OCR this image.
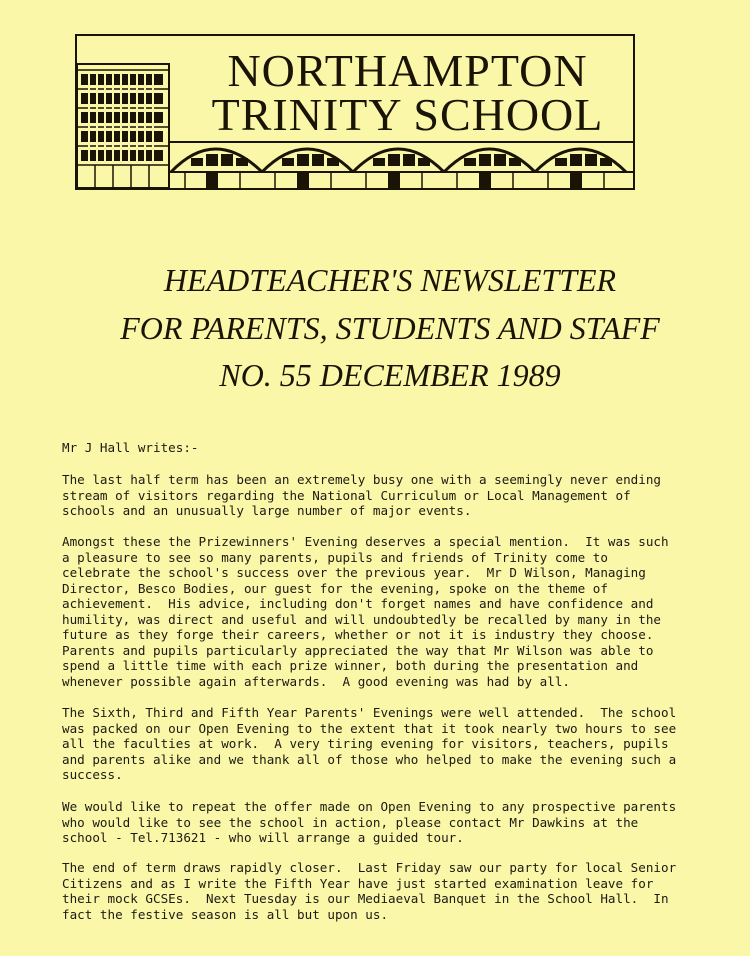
NORTHAMPTON
TRINITY SCHOOL
HEADTEACHER'S NEWSLETTER
FOR PARENTS, STUDENTS AND STAFF
NO. 55 DECEMBER 1989

Mr J Hall writes:-

The last half term has been an extremely busy one with a seemingly never ending
stream of visitors regarding the National Curriculum or Local Management of
schools and an unusually large number of major events.

Amongst these the Prizewinners' Evening deserves a special mention.  It was such
a pleasure to see so many parents, pupils and friends of Trinity come to
celebrate the school's success over the previous year.  Mr D Wilson, Managing
Director, Besco Bodies, our guest for the evening, spoke on the theme of
achievement.  His advice, including don't forget names and have confidence and
humility, was direct and useful and will undoubtedly be recalled by many in the
future as they forge their careers, whether or not it is industry they choose.
Parents and pupils particularly appreciated the way that Mr Wilson was able to
spend a little time with each prize winner, both during the presentation and
whenever possible again afterwards.  A good evening was had by all.

The Sixth, Third and Fifth Year Parents' Evenings were well attended.  The school
was packed on our Open Evening to the extent that it took nearly two hours to see
all the faculties at work.  A very tiring evening for visitors, teachers, pupils
and parents alike and we thank all of those who helped to make the evening such a
success.

We would like to repeat the offer made on Open Evening to any prospective parents
who would like to see the school in action, please contact Mr Dawkins at the
school - Tel.713621 - who will arrange a guided tour.

The end of term draws rapidly closer.  Last Friday saw our party for local Senior
Citizens and as I write the Fifth Year have just started examination leave for
their mock GCSEs.  Next Tuesday is our Mediaeval Banquet in the School Hall.  In
fact the festive season is all but upon us.
